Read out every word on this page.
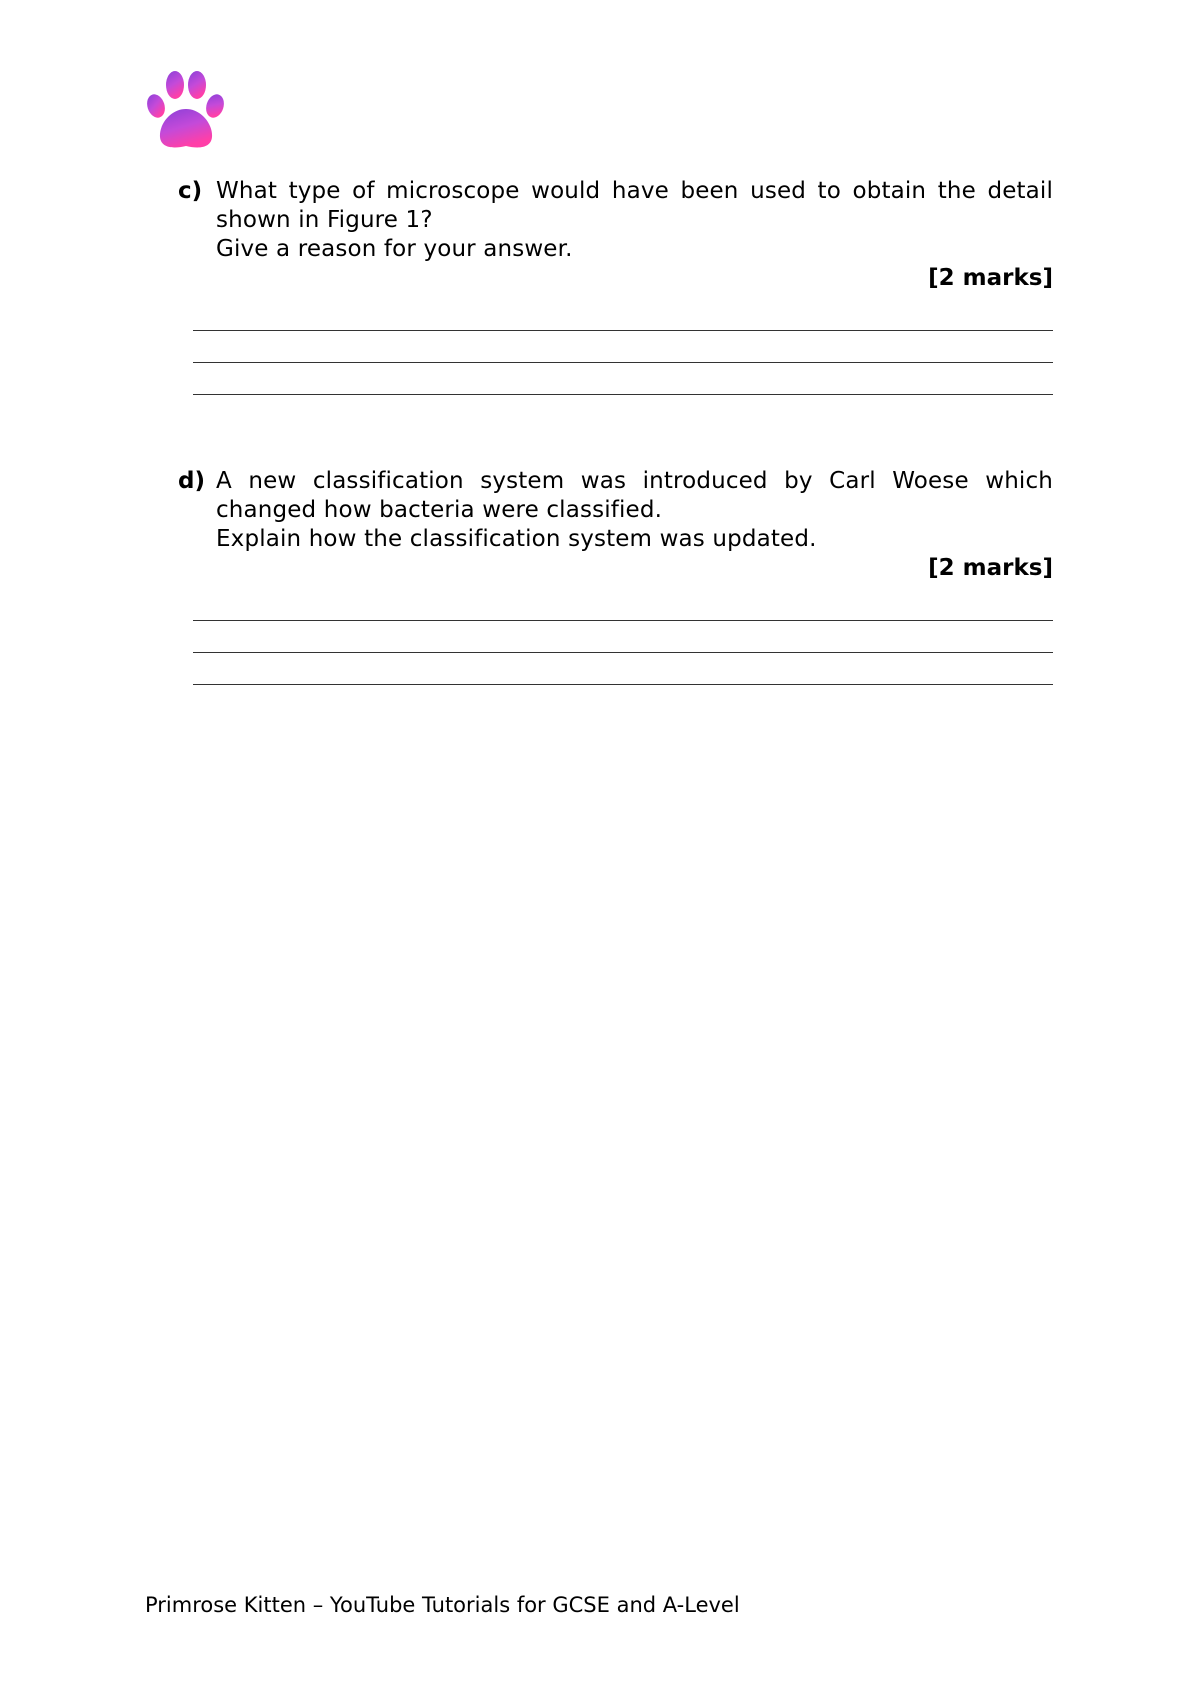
c) What type of microscope would have been used to obtain the detail
shown in Figure 1?
Give a reason for your answer.
[2 marks]
d) A new classification system was introduced by Carl Woese which
changed how bacteria were classified.
Explain how the classification system was updated.
[2 marks]
Primrose Kitten – YouTube Tutorials for GCSE and A-Level
